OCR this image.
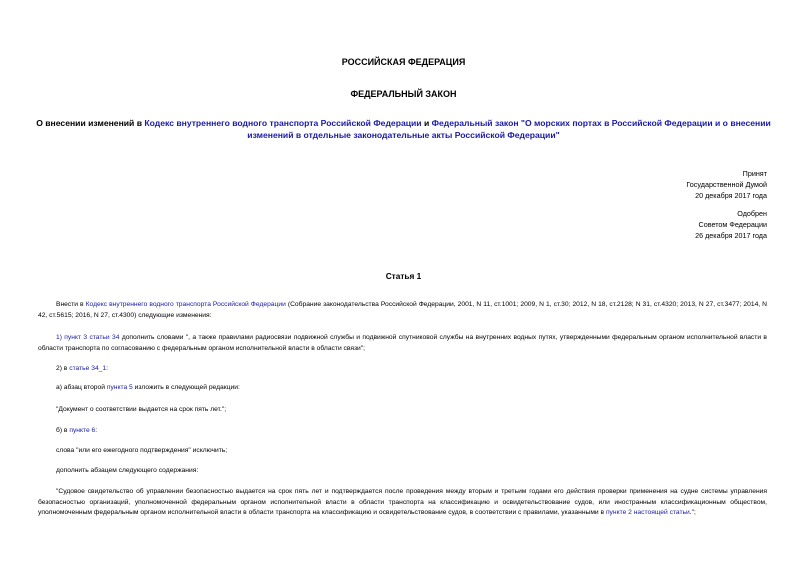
РОССИЙСКАЯ ФЕДЕРАЦИЯ
ФЕДЕРАЛЬНЫЙ ЗАКОН
О внесении изменений в Кодекс внутреннего водного транспорта Российской Федерации и Федеральный закон "О морских портах в Российской Федерации и о внесении изменений в отдельные законодательные акты Российской Федерации"
Принят
Государственной Думой
20 декабря 2017 года
Одобрен
Советом Федерации
26 декабря 2017 года
Статья 1
Внести в Кодекс внутреннего водного транспорта Российской Федерации (Собрание законодательства Российской Федерации, 2001, N 11, ст.1001; 2009, N 1, ст.30; 2012, N 18, ст.2128; N 31, ст.4320; 2013, N 27, ст.3477; 2014, N 42, ст.5615; 2016, N 27, ст.4300) следующие изменения:
1) пункт 3 статьи 34 дополнить словами ", а также правилами радиосвязи подвижной службы и подвижной спутниковой службы на внутренних водных путях, утвержденными федеральным органом исполнительной власти в области транспорта по согласованию с федеральным органом исполнительной власти в области связи";
2) в статье 34_1:
а) абзац второй пункта 5 изложить в следующей редакции:
"Документ о соответствии выдается на срок пять лет.";
б) в пункте 6:
слова "или его ежегодного подтверждения" исключить;
дополнить абзацем следующего содержания:
"Судовое свидетельство об управлении безопасностью выдается на срок пять лет и подтверждается после проведения между вторым и третьим годами его действия проверки применения на судне системы управления безопасностью организаций, уполномоченной федеральным органом исполнительной власти в области транспорта на классификацию и освидетельствование судов, или иностранным классификационным обществом, уполномоченным федеральным органом исполнительной власти в области транспорта на классификацию и освидетельствование судов, в соответствии с правилами, указанными в пункте 2 настоящей статьи.";
